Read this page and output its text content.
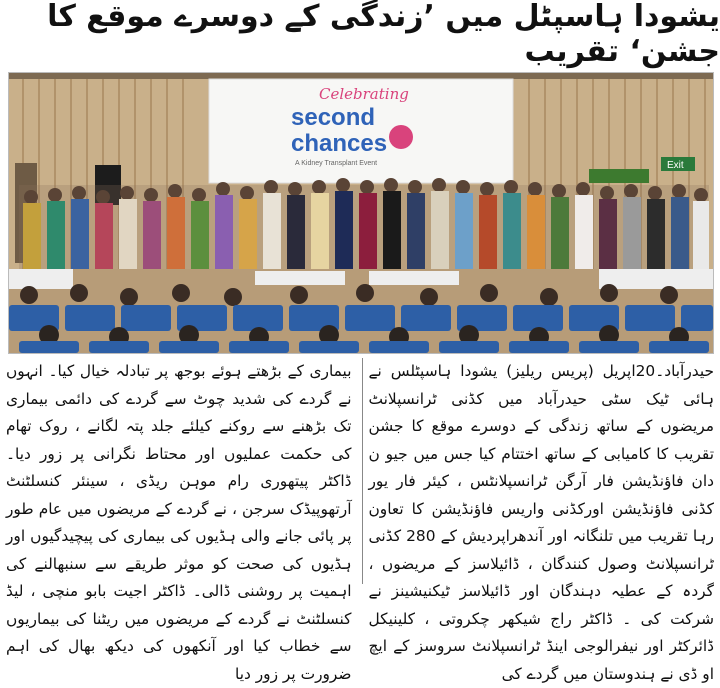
یشودا ہاسپٹل میں ’زندگی کے دوسرے موقع کا جشن‘ تقریب
Celebrating
second
chances
A Kidney Transplant Event	Exit
حیدرآباد۔20اپریل (پریس ریلیز) یشودا ہاسپٹلس نے ہائی ٹیک سٹی حیدرآباد میں کڈنی ٹرانسپلانٹ مریضوں کے ساتھ زندگی کے دوسرے موقع کا جشن تقریب کا کامیابی کے ساتھ اختتام کیا جس میں جیو ن دان فاؤنڈیشن فار آرگن ٹرانسپلانٹس ، کیئر فار یور کڈنی فاؤنڈیشن اورکڈنی واریس فاؤنڈیشن کا تعاون رہا تقریب میں تلنگانہ اور آندھراپردیش کے 280 کڈنی ٹرانسپلانٹ وصول کنندگان ، ڈائیلاسز کے مریضوں ، گردہ کے عطیہ دہندگان اور ڈائیلاسز ٹیکنیشینز نے شرکت کی ۔ ڈاکٹر راج شیکھر چکروتی ، کلینیکل ڈائرکٹر اور نیفرالوجی اینڈ ٹرانسپلانٹ سروسز کے ایچ او ڈی نے ہندوستان میں گردے کی
بیماری کے بڑھتے ہوئے بوجھ پر تبادلہ خیال کیا۔ انہوں نے گردے کی شدید چوٹ سے گردے کی دائمی بیماری تک بڑھنے سے روکنے کیلئے جلد پتہ لگانے ، روک تھام کی حکمت عملیوں اور محتاط نگرانی پر زور دیا۔ ڈاکٹر پیتھوری رام موہن ریڈی ، سینئر کنسلٹنٹ آرتھوپیڈک سرجن ، نے گردے کے مریضوں میں عام طور پر پائی جانے والی ہڈیوں کی بیماری کی پیچیدگیوں اور ہڈیوں کی صحت کو موثر طریقے سے سنبھالنے کی اہمیت پر روشنی ڈالی۔ ڈاکٹر اجیت بابو منچی ، لیڈ کنسلٹنٹ نے گردے کے مریضوں میں ریٹنا کی بیماریوں سے خطاب کیا اور آنکھوں کی دیکھ بھال کی اہم ضرورت پر زور دیا
